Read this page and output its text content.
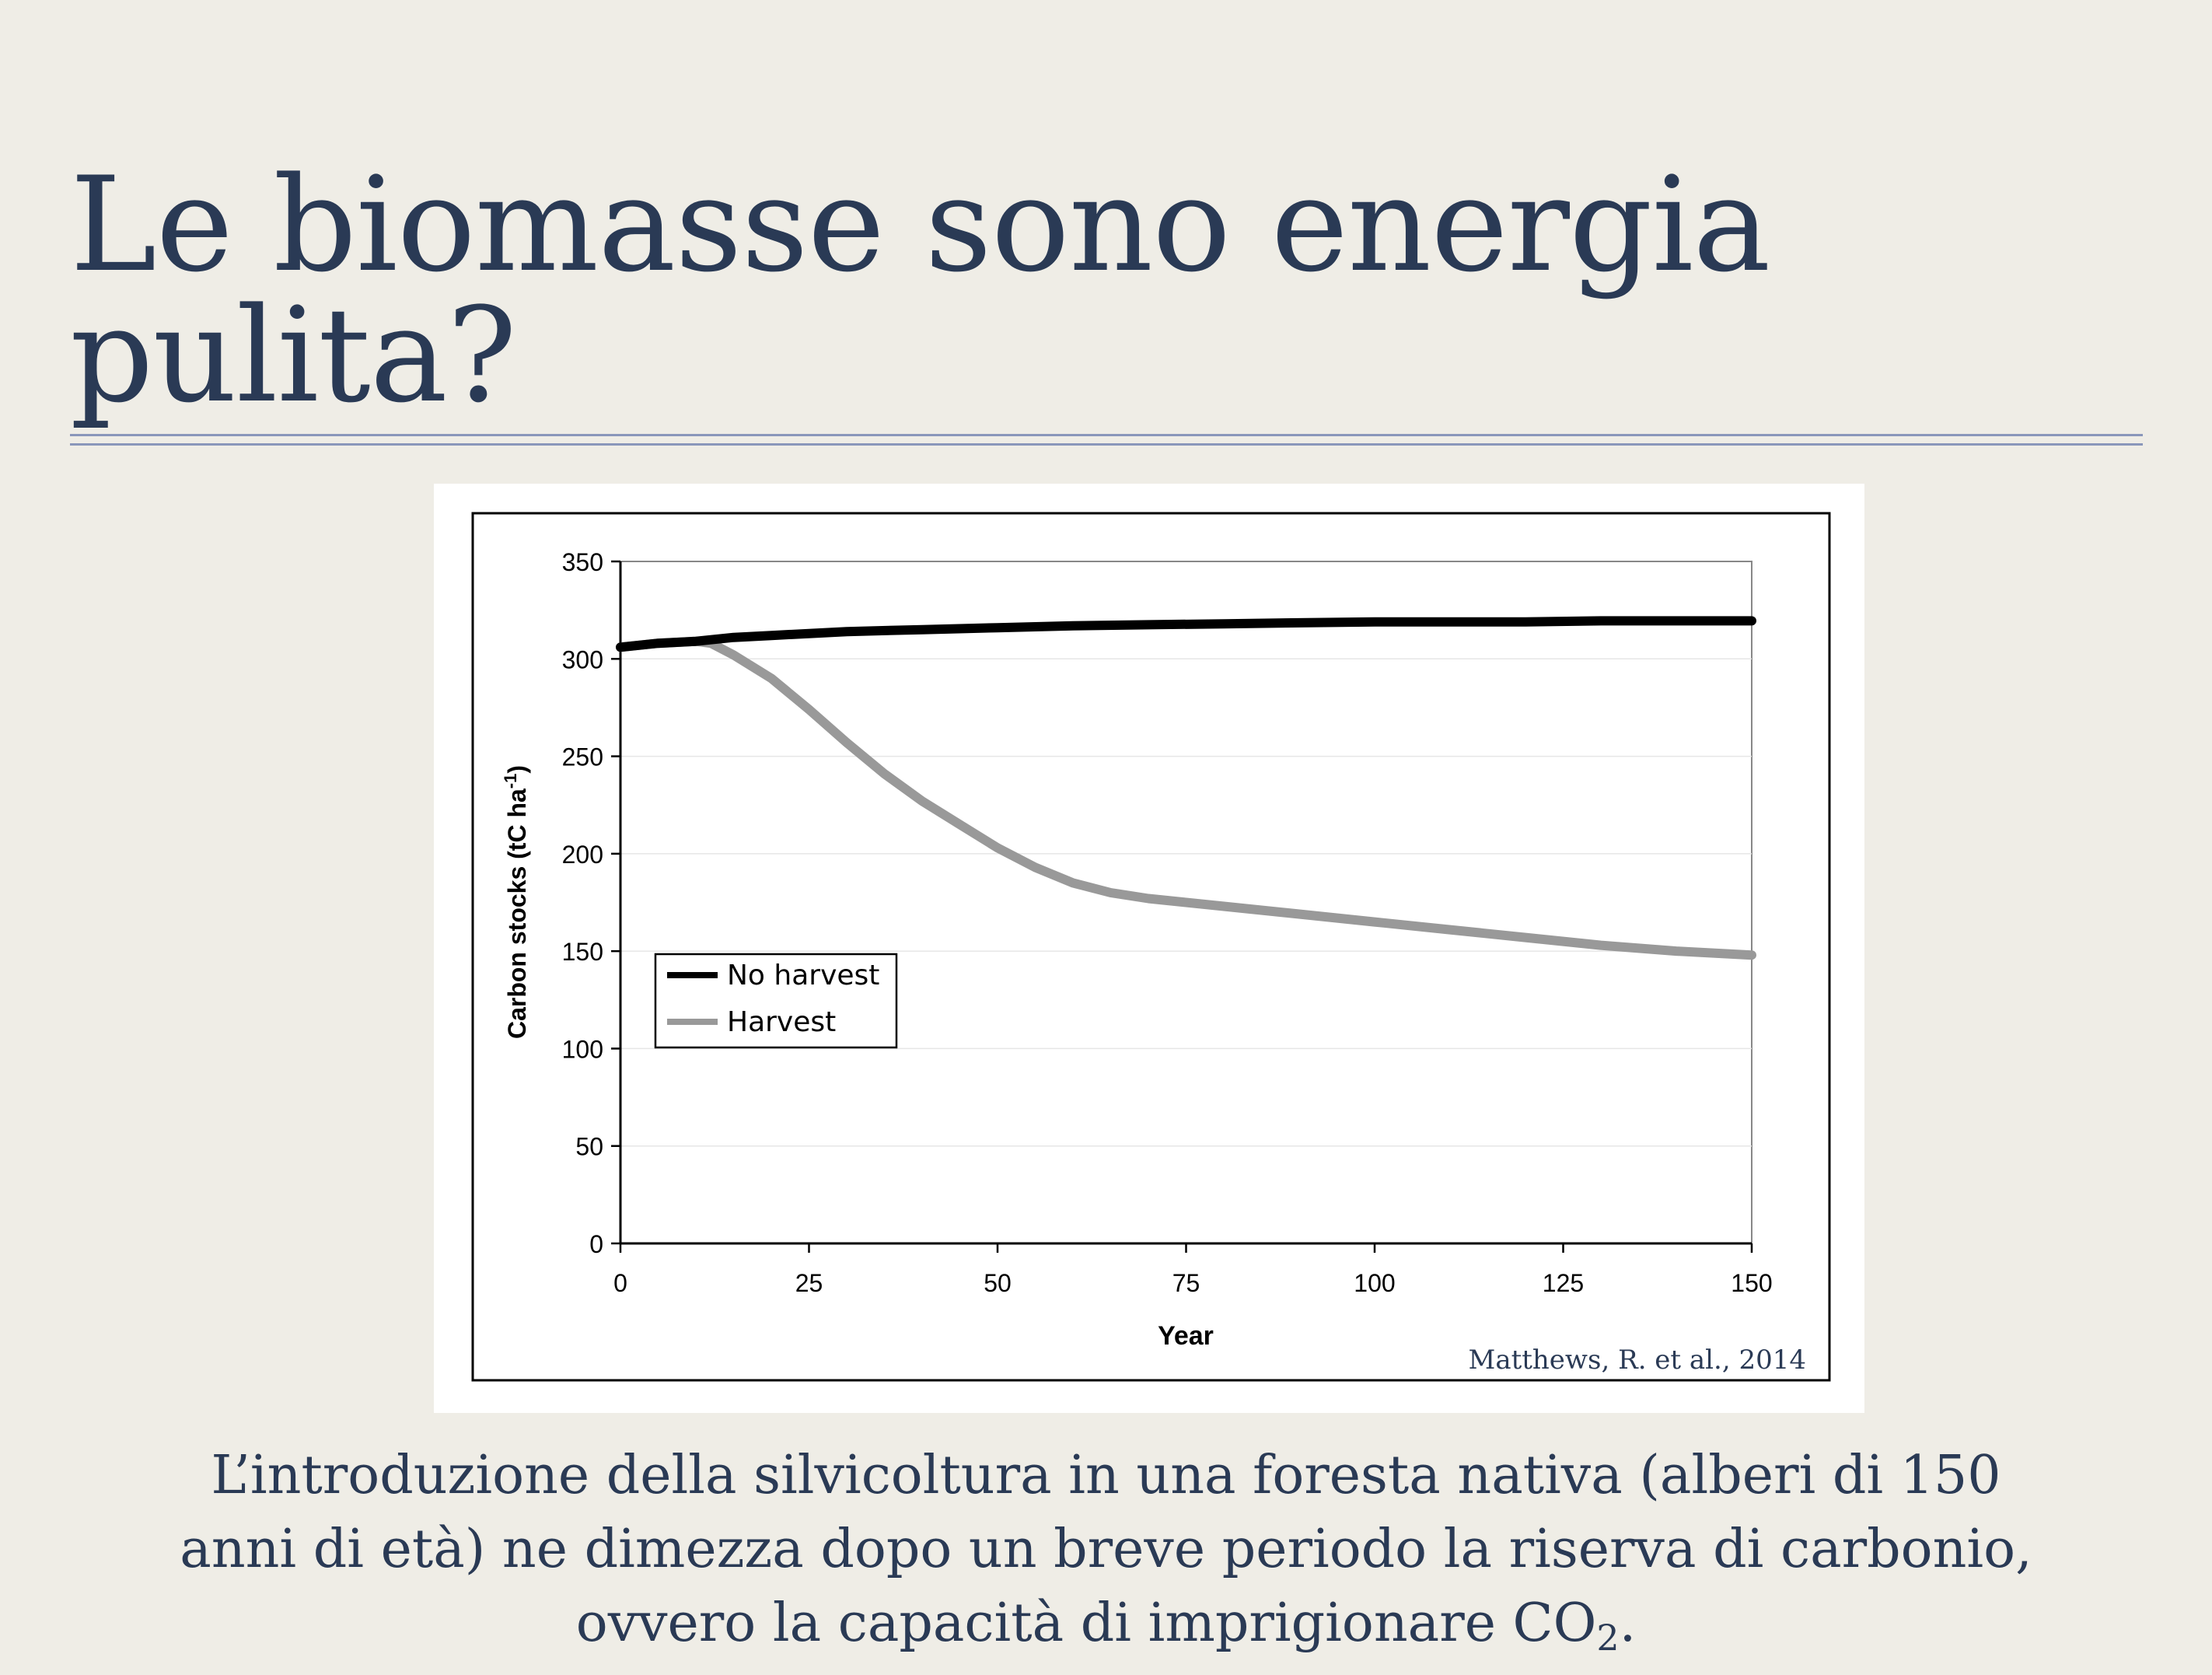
Le biomasse sono energia pulita?
0
50
100
150
200
250
300
350
0	25	50	75	100	125	150
Year
Carbon stocks (tC $ha^{-1}$)
No harvest
Harvest
Matthews, R. et al., 2014

L’introduzione della silvicoltura in una foresta nativa (alberi di 150 anni di età) ne dimezza dopo un breve periodo la riserva di carbonio, ovvero la capacità di imprigionare $CO_2$.
